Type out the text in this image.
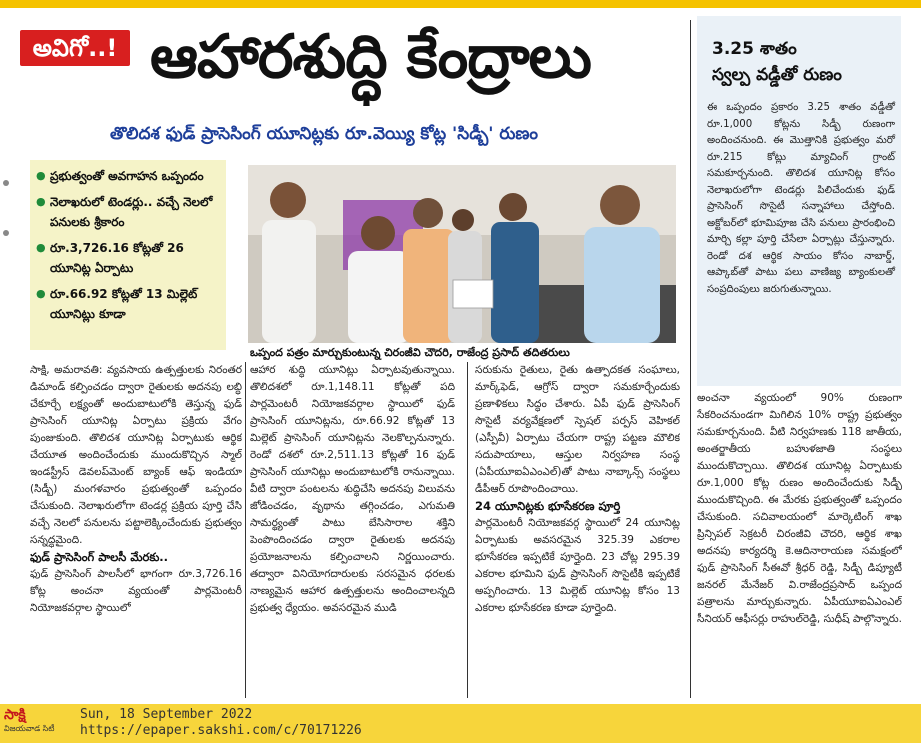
అవిగో..! ఆహారశుద్ధి కేంద్రాలు
తొలిదశ ఫుడ్ ప్రాసెసింగ్ యూనిట్లకు రూ.వెయ్యి కోట్ల 'సిడ్బీ' రుణం
● ప్రభుత్వంతో అవగాహన ఒప్పందం
● నెలాఖరులో టెండర్లు.. వచ్చే నెలలో పనులకు శ్రీకారం
● రూ.3,726.16 కోట్లతో 26 యూనిట్ల ఏర్పాటు
● రూ.66.92 కోట్లతో 13 మిల్లెట్ యూనిట్లు కూడా
ఒప్పంద పత్రం మార్చుకుంటున్న చిరంజీవి చౌదరి, రాజేంద్ర ప్రసాద్ తదితరులు
3.25 శాతం
స్వల్ప వడ్డీతో రుణం
ఈ ఒప్పందం ప్రకారం 3.25 శాతం వడ్డీతో రూ.1,000 కోట్లను సిడ్బీ రుణంగా అందించనుంది. ఈ మొత్తానికి ప్రభుత్వం మరో రూ.215 కోట్లు మ్యాచింగ్ గ్రాంట్ సమకూర్చనుంది. తొలిదశ యూనిట్ల కోసం నెలాఖరులోగా టెండర్లు పిలిచేందుకు ఫుడ్ ప్రాసెసింగ్ సొసైటీ సన్నాహాలు చేస్తోంది. అక్టోబర్‌లో భూమిపూజ చేసి పనులు ప్రారంభించి మార్చి కల్లా పూర్తి చేసేలా ఏర్పాట్లు చేస్తున్నారు. రెండో దశ ఆర్థిక సాయం కోసం నాబార్డ్, ఆప్కాబ్‌తో పాటు పలు వాణిజ్య బ్యాంకులతో సంప్రదింపులు జరుగుతున్నాయి.
సాక్షి, అమరావతి: వ్యవసాయ ఉత్పత్తులకు నిరంతర డిమాండ్ కల్పించడం ద్వారా రైతులకు అదనపు లబ్ధి చేకూర్చే లక్ష్యంతో అందుబాటులోకి తెస్తున్న ఫుడ్ ప్రాసెసింగ్ యూనిట్ల ఏర్పాటు ప్రక్రియ వేగం పుంజుకుంది. తొలిదశ యూనిట్ల ఏర్పాటుకు ఆర్థిక చేయూత అందించేందుకు ముందుకొచ్చిన స్మాల్ ఇండస్ట్రీస్ డెవలప్‌మెంట్ బ్యాంక్ ఆఫ్ ఇండియా (సిడ్బీ) మంగళవారం ప్రభుత్వంతో ఒప్పందం చేసుకుంది. నెలాఖరులోగా టెండర్ల ప్రక్రియ పూర్తి చేసి వచ్చే నెలలో పనులను పట్టాలెక్కించేందుకు ప్రభుత్వం సన్నద్ధమైంది.
ఫుడ్ ప్రాసెసింగ్ పాలసీ మేరకు..
ఫుడ్ ప్రాసెసింగ్ పాలసీలో భాగంగా రూ.3,726.16 కోట్ల అంచనా వ్యయంతో పార్లమెంటరీ నియోజకవర్గాల స్థాయిలో
ఆహార శుద్ధి యూనిట్లు ఏర్పాటవుతున్నాయి. తొలిదశలో రూ.1,148.11 కోట్లతో పది పార్లమెంటరీ నియోజకవర్గాల స్థాయిలో ఫుడ్ ప్రాసెసింగ్ యూనిట్లను, రూ.66.92 కోట్లతో 13 మిల్లెట్ ప్రాసెసింగ్ యూనిట్లను నెలకొల్పనున్నారు. రెండో దశలో రూ.2,511.13 కోట్లతో 16 ఫుడ్ ప్రాసెసింగ్ యూనిట్లు అందుబాటులోకి రానున్నాయి. వీటి ద్వారా పంటలను శుద్ధిచేసి అదనపు విలువను జోడించడం, వృథాను తగ్గించడం, ఎగుమతి సామర్థ్యంతో పాటు బేసిసారాల శక్తిని పెంపొందించడం ద్వారా రైతులకు అదనపు ప్రయోజనాలను కల్పించాలని నిర్ణయించారు. తద్వారా వినియోగదారులకు సరసమైన ధరలకు నాణ్యమైన ఆహార ఉత్పత్తులను అందించాలన్నది ప్రభుత్వ ధ్యేయం. అవసరమైన ముడి
సరుకును రైతులు, రైతు ఉత్పాదకత సంఘాలు, మార్క్‌ఫెడ్, ఆగ్రోస్ ద్వారా సమకూర్చేందుకు ప్రణాళికలు సిద్ధం చేశారు. ఏపీ ఫుడ్ ప్రాసెసింగ్ సొసైటీ వర్యవేక్షణలో స్పెషల్ పర్పస్ వెహికల్ (ఎస్పీవీ) ఏర్పాటు చేయగా రాష్ట్ర పట్టణ మౌలిక సదుపాయాలు, ఆస్తుల నిర్వహణ సంస్థ (ఏపీయూఐఏఎంఎల్)తో పాటు నాబ్కాన్స్ సంస్థలు డీపీఆర్ రూపొందించాయి.
24 యూనిట్లకు భూసేకరణ పూర్తి
పార్లమెంటరీ నియోజకవర్గ స్థాయిలో 24 యూనిట్ల ఏర్పాటుకు అవసరమైన 325.39 ఎకరాల భూసేకరణ ఇప్పటికే పూర్తైంది. 23 చోట్ల 295.39 ఎకరాల భూమిని ఫుడ్ ప్రాసెసింగ్ సొసైటీకి ఇప్పటికే అప్పగించారు. 13 మిల్లెట్ యూనిట్ల కోసం 13 ఎకరాల భూసేకరణ కూడా పూర్తైంది.
అంచనా వ్యయంలో 90% రుణంగా సేకరించనుండగా మిగిలిన 10% రాష్ట్ర ప్రభుత్వం సమకూర్చనుంది. వీటి నిర్వహణకు 118 జాతీయ, అంతర్జాతీయ బహుళజాతి సంస్థలు ముందుకొచ్చాయి. తొలిదశ యూనిట్ల ఏర్పాటుకు రూ.1,000 కోట్ల రుణం అందించేందుకు సిడ్బీ ముందుకొచ్చింది. ఈ మేరకు ప్రభుత్వంతో ఒప్పందం చేసుకుంది. సచివాలయంలో మార్కెటింగ్ శాఖ ప్రిన్సిపల్ సెక్రటరీ చిరంజీవి చౌదరి, ఆర్థిక శాఖ అదనపు కార్యదర్శి కె.ఆదినారాయణ సమక్షంలో ఫుడ్ ప్రాసెసింగ్ సీఈవో శ్రీధర్ రెడ్డి, సిడ్బీ డిప్యూటీ జనరల్ మేనేజర్ వి.రాజేంద్రప్రసాద్ ఒప్పంద పత్రాలను మార్చుకున్నారు. ఏపీయూఐఏఎంఎల్ సీనియర్ ఆఫీసర్లు రాహుల్‌రెడ్డి, సుధీష్ పాల్గొన్నారు.
సాక్షి
విజయవాడ సిటీ
Sun, 18 September 2022
https://epaper.sakshi.com/c/70171226
